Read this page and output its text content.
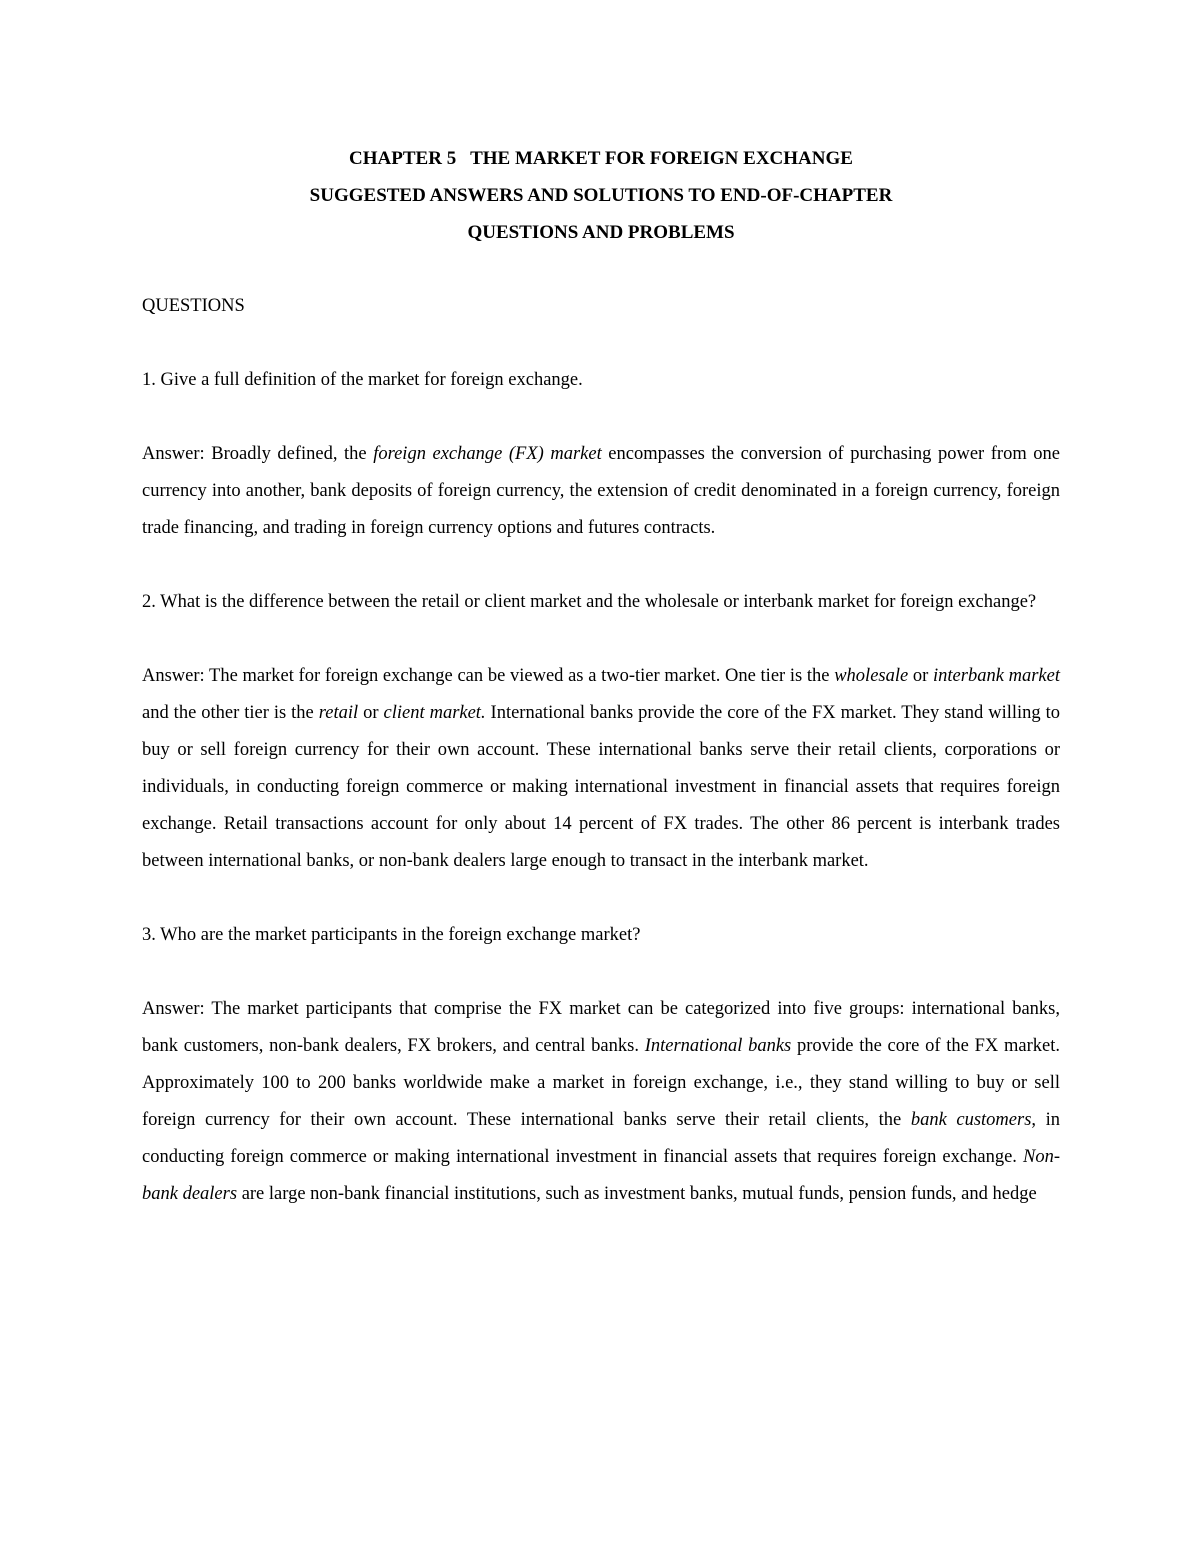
CHAPTER 5   THE MARKET FOR FOREIGN EXCHANGE
SUGGESTED ANSWERS AND SOLUTIONS TO END-OF-CHAPTER
QUESTIONS AND PROBLEMS

QUESTIONS

1. Give a full definition of the market for foreign exchange.

Answer: Broadly defined, the foreign exchange (FX) market encompasses the conversion of purchasing power from one currency into another, bank deposits of foreign currency, the extension of credit denominated in a foreign currency, foreign trade financing, and trading in foreign currency options and futures contracts.

2. What is the difference between the retail or client market and the wholesale or interbank market for foreign exchange?

Answer: The market for foreign exchange can be viewed as a two-tier market. One tier is the wholesale or interbank market and the other tier is the retail or client market. International banks provide the core of the FX market. They stand willing to buy or sell foreign currency for their own account. These international banks serve their retail clients, corporations or individuals, in conducting foreign commerce or making international investment in financial assets that requires foreign exchange. Retail transactions account for only about 14 percent of FX trades. The other 86 percent is interbank trades between international banks, or non-bank dealers large enough to transact in the interbank market.

3. Who are the market participants in the foreign exchange market?

Answer: The market participants that comprise the FX market can be categorized into five groups: international banks, bank customers, non-bank dealers, FX brokers, and central banks. International banks provide the core of the FX market. Approximately 100 to 200 banks worldwide make a market in foreign exchange, i.e., they stand willing to buy or sell foreign currency for their own account. These international banks serve their retail clients, the bank customers, in conducting foreign commerce or making international investment in financial assets that requires foreign exchange. Non-bank dealers are large non-bank financial institutions, such as investment banks, mutual funds, pension funds, and hedge
